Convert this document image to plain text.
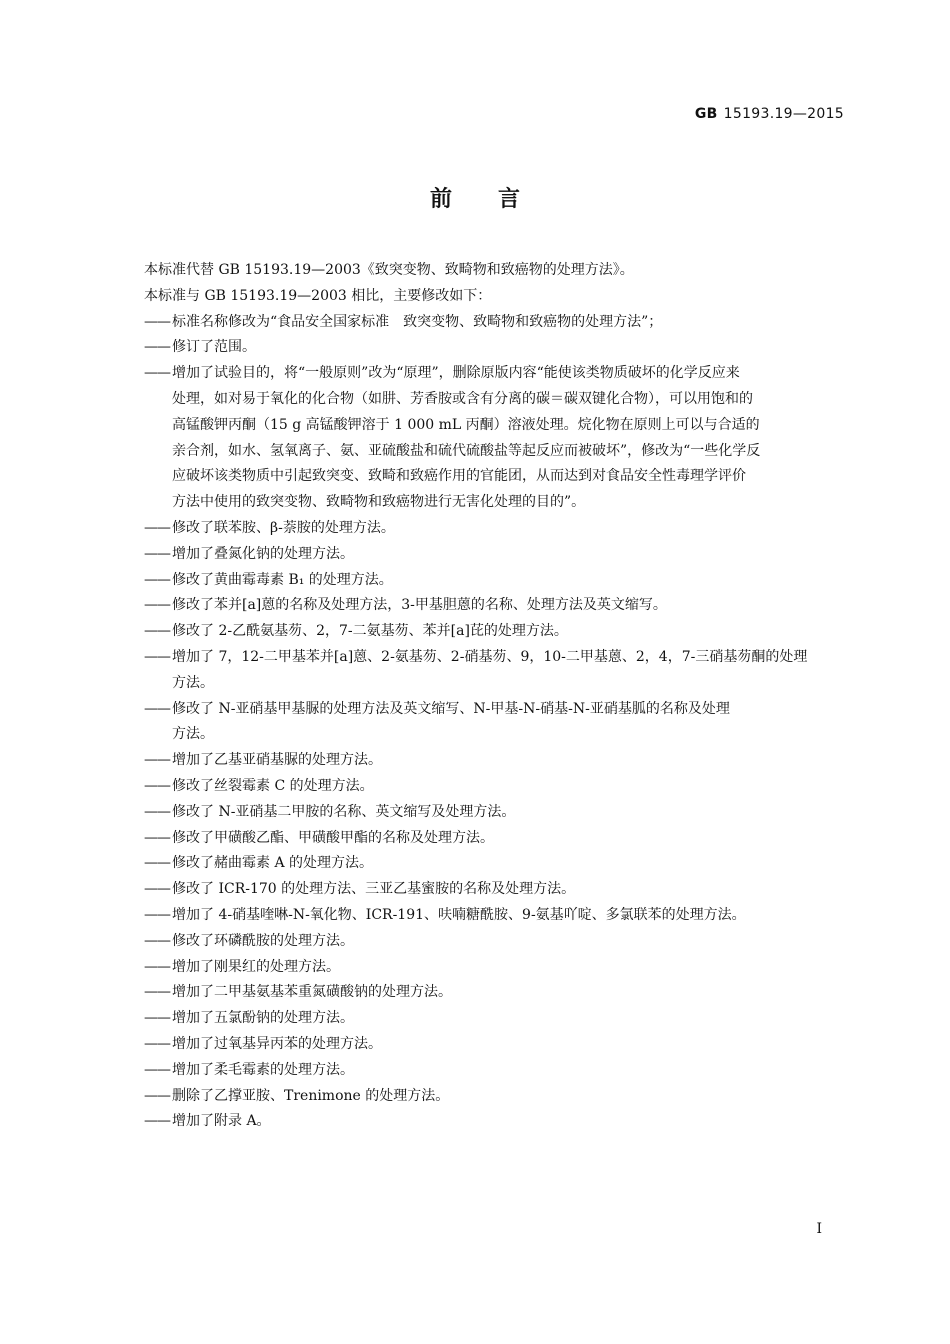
GB 15193.19—2015
前言

本标准代替 GB 15193.19—2003《致突变物、致畸物和致癌物的处理方法》。

本标准与 GB 15193.19—2003 相比，主要修改如下：

—— 标准名称修改为“食品安全国家标准　致突变物、致畸物和致癌物的处理方法”；
—— 修订了范围。
—— 增加了试验目的，将“一般原则”改为“原理”，删除原版内容“能使该类物质破坏的化学反应来
处理，如对易于氧化的化合物（如肼、芳香胺或含有分离的碳＝碳双键化合物），可以用饱和的
高锰酸钾丙酮（15 g 高锰酸钾溶于 1 000 mL 丙酮）溶液处理。烷化物在原则上可以与合适的
亲合剂，如水、氢氧离子、氨、亚硫酸盐和硫代硫酸盐等起反应而被破坏”，修改为“一些化学反
应破坏该类物质中引起致突变、致畸和致癌作用的官能团，从而达到对食品安全性毒理学评价
方法中使用的致突变物、致畸物和致癌物进行无害化处理的目的”。
—— 修改了联苯胺、β-萘胺的处理方法。
—— 增加了叠氮化钠的处理方法。
—— 修改了黄曲霉毒素 B₁ 的处理方法。
—— 修改了苯并[a]蒽的名称及处理方法，3-甲基胆蒽的名称、处理方法及英文缩写。
—— 修改了 2-乙酰氨基芴、2，7-二氨基芴、苯并[a]芘的处理方法。
—— 增加了 7，12-二甲基苯并[a]蒽、2-氨基芴、2-硝基芴、9，10-二甲基蒽、2，4，7-三硝基芴酮的处理
方法。
—— 修改了 N-亚硝基甲基脲的处理方法及英文缩写、N-甲基-N-硝基-N-亚硝基胍的名称及处理
方法。
—— 增加了乙基亚硝基脲的处理方法。
—— 修改了丝裂霉素 C 的处理方法。
—— 修改了 N-亚硝基二甲胺的名称、英文缩写及处理方法。
—— 修改了甲磺酸乙酯、甲磺酸甲酯的名称及处理方法。
—— 修改了赭曲霉素 A 的处理方法。
—— 修改了 ICR-170 的处理方法、三亚乙基蜜胺的名称及处理方法。
—— 增加了 4-硝基喹啉-N-氧化物、ICR-191、呋喃糖酰胺、9-氨基吖啶、多氯联苯的处理方法。
—— 修改了环磷酰胺的处理方法。
—— 增加了刚果红的处理方法。
—— 增加了二甲基氨基苯重氮磺酸钠的处理方法。
—— 增加了五氯酚钠的处理方法。
—— 增加了过氧基异丙苯的处理方法。
—— 增加了柔毛霉素的处理方法。
—— 删除了乙撑亚胺、Trenimone 的处理方法。
—— 增加了附录 A。
I
